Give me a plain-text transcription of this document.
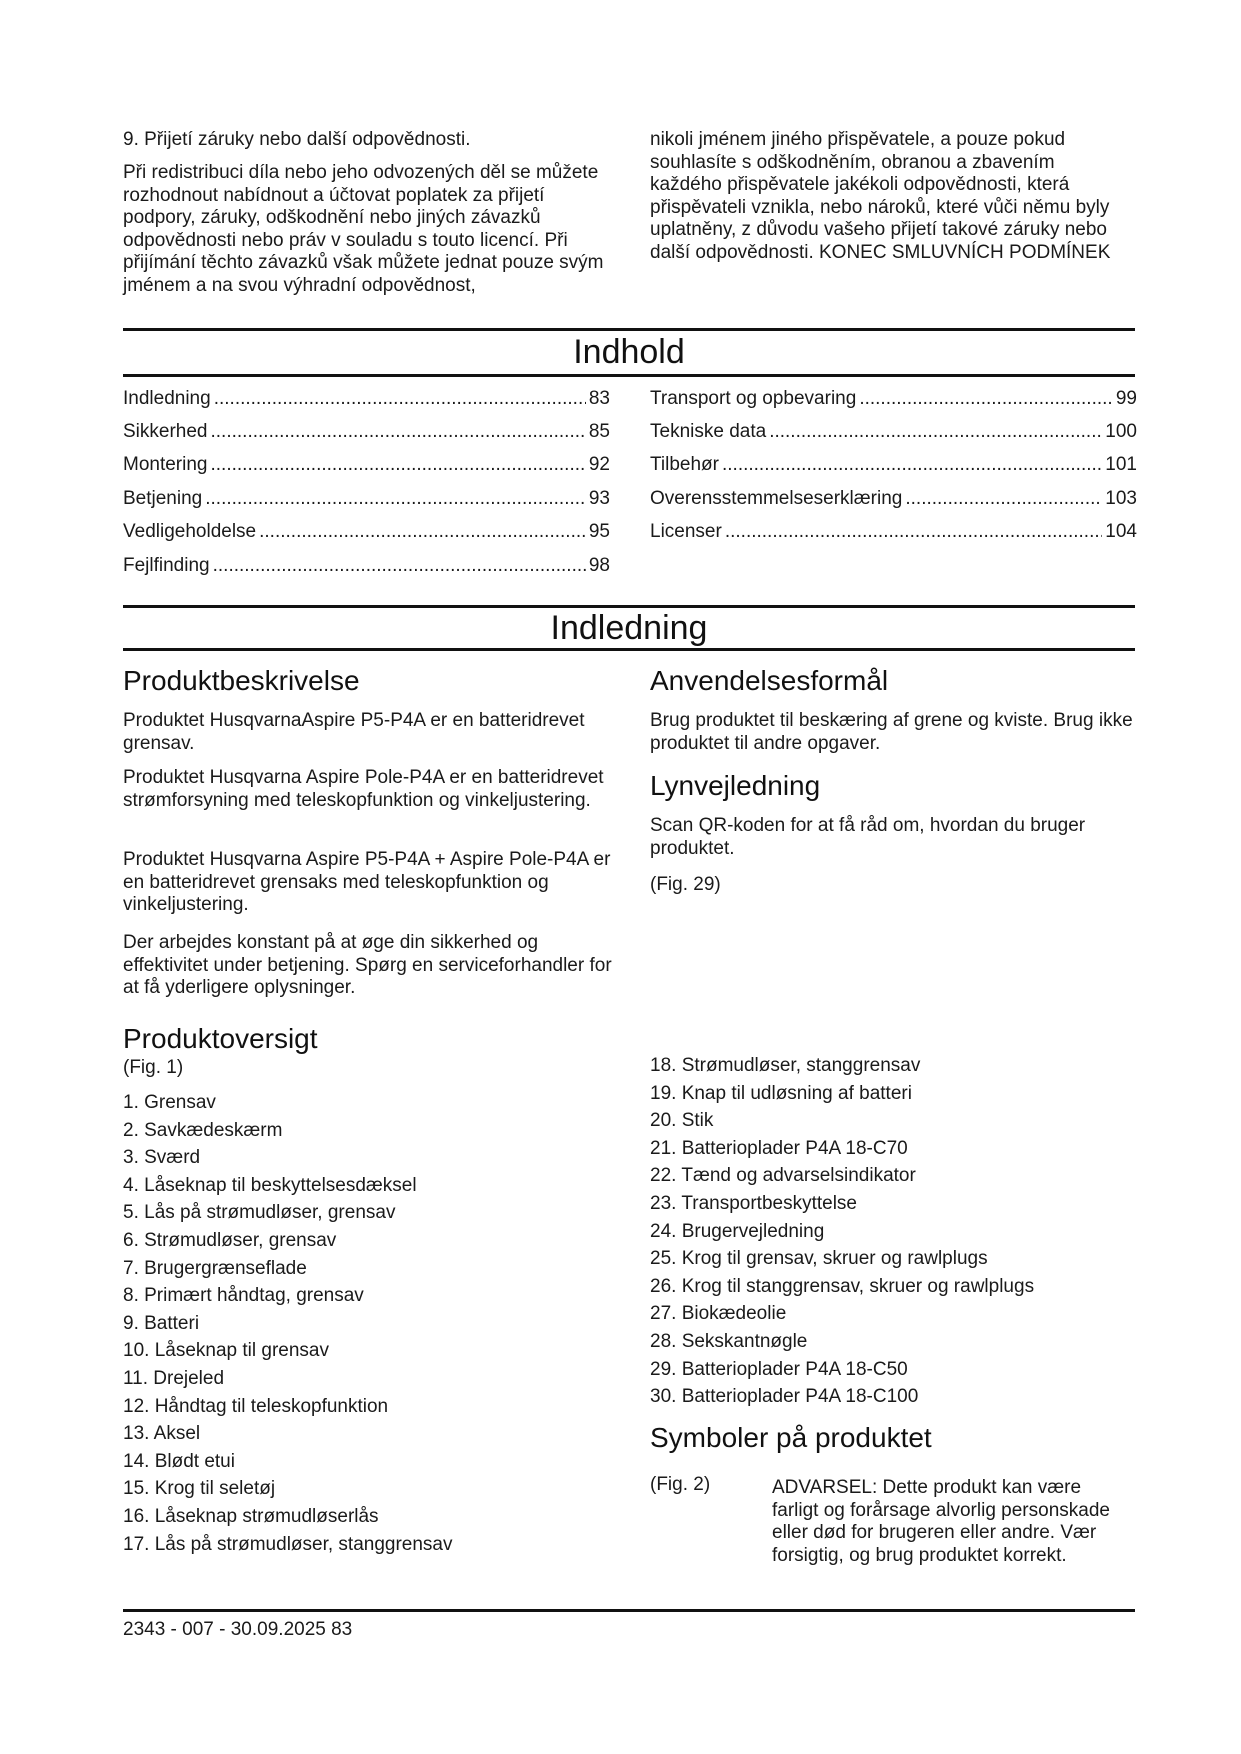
9. Přijetí záruky nebo další odpovědnosti.
Při redistribuci díla nebo jeho odvozených děl se můžete rozhodnout nabídnout a účtovat poplatek za přijetí podpory, záruky, odškodnění nebo jiných závazků odpovědnosti nebo práv v souladu s touto licencí. Při přijímání těchto závazků však můžete jednat pouze svým jménem a na svou výhradní odpovědnost,
nikoli jménem jiného přispěvatele, a pouze pokud souhlasíte s odškodněním, obranou a zbavením každého přispěvatele jakékoli odpovědnosti, která přispěvateli vznikla, nebo nároků, které vůči němu byly uplatněny, z důvodu vašeho přijetí takové záruky nebo další odpovědnosti. KONEC SMLUVNÍCH PODMÍNEK
Indhold
Indledning .....	83
Sikkerhed .....	85
Montering .....	92
Betjening .....	93
Vedligeholdelse .....	95
Fejlfinding .....	98
Transport og opbevaring .....	99
Tekniske data .....	100
Tilbehør .....	101
Overensstemmelseserklæring .....	103
Licenser .....	104
Indledning
Produktbeskrivelse
Produktet HusqvarnaAspire P5-P4A er en batteridrevet grensav.
Produktet Husqvarna Aspire Pole-P4A er en batteridrevet strømforsyning med teleskopfunktion og vinkeljustering.
Produktet Husqvarna Aspire P5-P4A + Aspire Pole-P4A er en batteridrevet grensaks med teleskopfunktion og vinkeljustering.
Der arbejdes konstant på at øge din sikkerhed og effektivitet under betjening. Spørg en serviceforhandler for at få yderligere oplysninger.
Anvendelsesformål
Brug produktet til beskæring af grene og kviste. Brug ikke produktet til andre opgaver.
Lynvejledning
Scan QR-koden for at få råd om, hvordan du bruger produktet.
(Fig. 29)
Produktoversigt
(Fig. 1)
1. Grensav
2. Savkædeskærm
3. Sværd
4. Låseknap til beskyttelsesdæksel
5. Lås på strømudløser, grensav
6. Strømudløser, grensav
7. Brugergrænseflade
8. Primært håndtag, grensav
9. Batteri
10. Låseknap til grensav
11. Drejeled
12. Håndtag til teleskopfunktion
13. Aksel
14. Blødt etui
15. Krog til seletøj
16. Låseknap strømudløserlås
17. Lås på strømudløser, stanggrensav
18. Strømudløser, stanggrensav
19. Knap til udløsning af batteri
20. Stik
21. Batterioplader P4A 18-C70
22. Tænd og advarselsindikator
23. Transportbeskyttelse
24. Brugervejledning
25. Krog til grensav, skruer og rawlplugs
26. Krog til stanggrensav, skruer og rawlplugs
27. Biokædeolie
28. Sekskantnøgle
29. Batterioplader P4A 18-C50
30. Batterioplader P4A 18-C100
Symboler på produktet
(Fig. 2)	ADVARSEL: Dette produkt kan være farligt og forårsage alvorlig personskade eller død for brugeren eller andre. Vær forsigtig, og brug produktet korrekt.
2343 - 007 - 30.09.2025 83
